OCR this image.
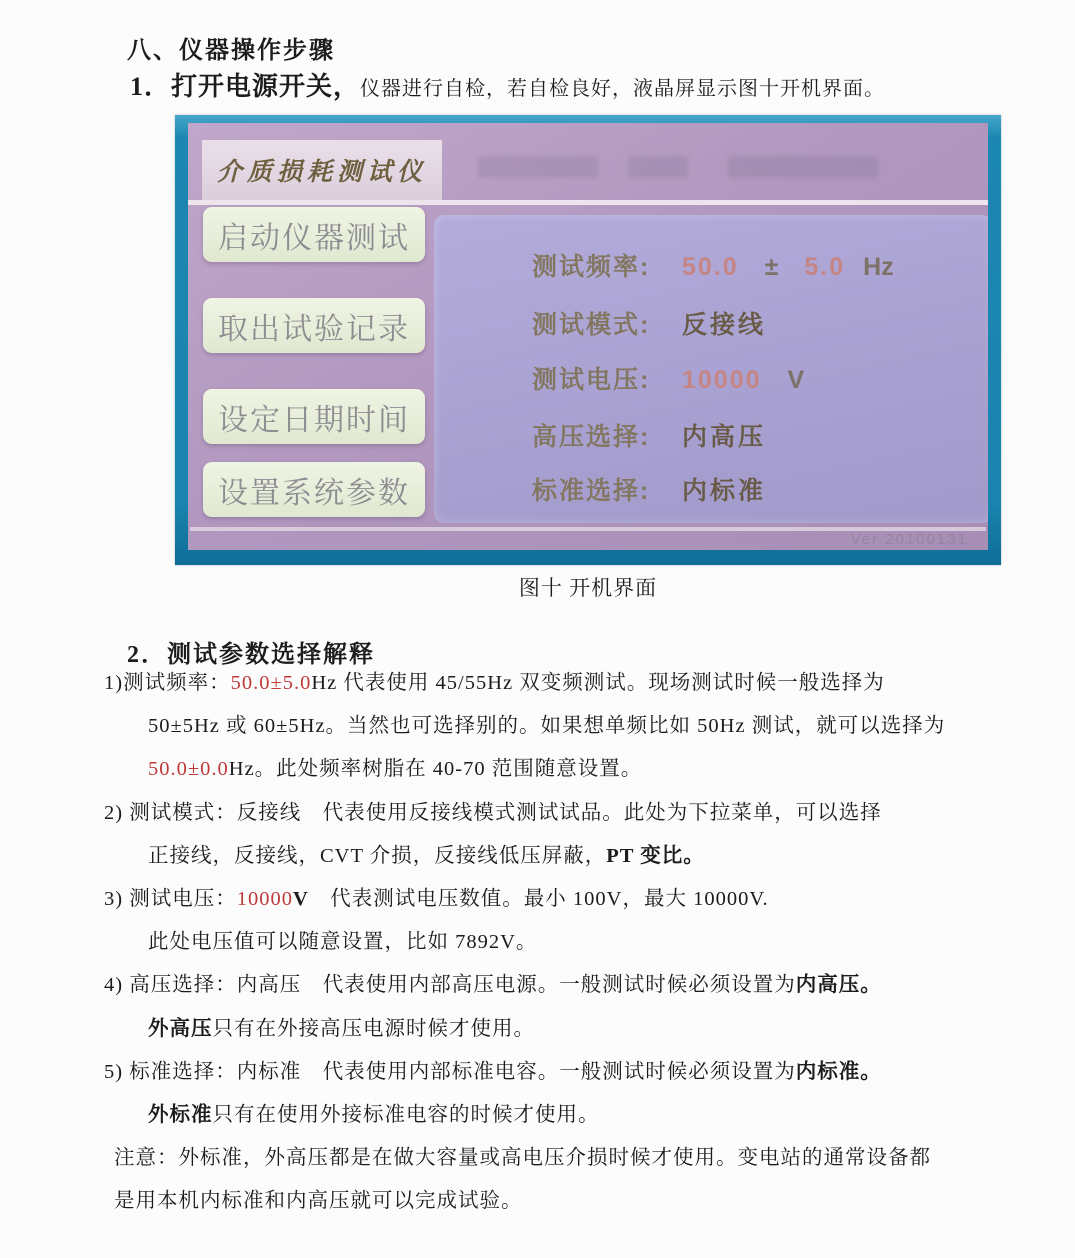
八、仪器操作步骤
1．打开电源开关，仪器进行自检，若自检良好，液晶屏显示图十开机界面。
介质损耗测试仪
启动仪器测试
取出试验记录
设定日期时间
设置系统参数
测试频率:	50.0 ± 5.0 Hz
测试模式:	反接线
测试电压:	10000 V
高压选择:	内高压
标准选择:	内标准
Ver 20100131
图十 开机界面
2．测试参数选择解释
1)测试频率：50.0±5.0Hz 代表使用 45/55Hz 双变频测试。现场测试时候一般选择为
50±5Hz 或 60±5Hz。当然也可选择别的。如果想单频比如 50Hz 测试，就可以选择为
50.0±0.0Hz。此处频率树脂在 40-70 范围随意设置。
2) 测试模式：反接线　代表使用反接线模式测试试品。此处为下拉菜单，可以选择
正接线，反接线，CVT 介损，反接线低压屏蔽，PT 变比。
3) 测试电压：10000V　代表测试电压数值。最小 100V，最大 10000V.
此处电压值可以随意设置，比如 7892V。
4) 高压选择：内高压　代表使用内部高压电源。一般测试时候必须设置为内高压。
外高压只有在外接高压电源时候才使用。
5) 标准选择：内标准　代表使用内部标准电容。一般测试时候必须设置为内标准。
外标准只有在使用外接标准电容的时候才使用。
注意：外标准，外高压都是在做大容量或高电压介损时候才使用。变电站的通常设备都
是用本机内标准和内高压就可以完成试验。
